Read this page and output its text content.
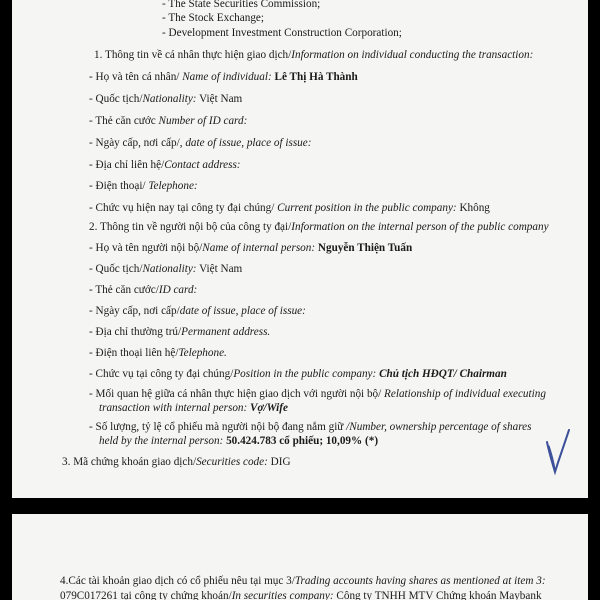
- The State Securities Commission;
- The Stock Exchange;
- Development Investment Construction Corporation;
1. Thông tin về cá nhân thực hiện giao dịch/Information on individual conducting the transaction:
- Họ và tên cá nhân/ Name of individual: Lê Thị Hà Thành
- Quốc tịch/Nationality: Việt Nam
- Thẻ căn cước Number of ID card:
- Ngày cấp, nơi cấp/, date of issue, place of issue:
- Địa chỉ liên hệ/Contact address:
- Điện thoại/ Telephone:
- Chức vụ hiện nay tại công ty đại chúng/ Current position in the public company: Không
2. Thông tin về người nội bộ của công ty đại/Information on the internal person of the public company
- Họ và tên người nội bộ/Name of internal person: Nguyễn Thiện Tuấn
- Quốc tịch/Nationality: Việt Nam
- Thẻ căn cước/ID card:
- Ngày cấp, nơi cấp/date of issue, place of issue:
- Địa chỉ thường trú/Permanent address.
- Điện thoại liên hệ/Telephone.
- Chức vụ tại công ty đại chúng/Position in the public company: Chủ tịch HĐQT/ Chairman
- Mối quan hệ giữa cá nhân thực hiện giao dịch với người nội bộ/ Relationship of individual executing
transaction with internal person: Vợ/Wife
- Số lượng, tỷ lệ cổ phiếu mà người nội bộ đang nắm giữ /Number, ownership percentage of shares
held by the internal person: 50.424.783 cổ phiếu; 10,09% (*)
3. Mã chứng khoán giao dịch/Securities code: DIG
4.Các tài khoản giao dịch có cổ phiếu nêu tại mục 3/Trading accounts having shares as mentioned at item 3:
079C017261 tại công ty chứng khoán/In securities company: Công ty TNHH MTV Chứng khoán Maybank
